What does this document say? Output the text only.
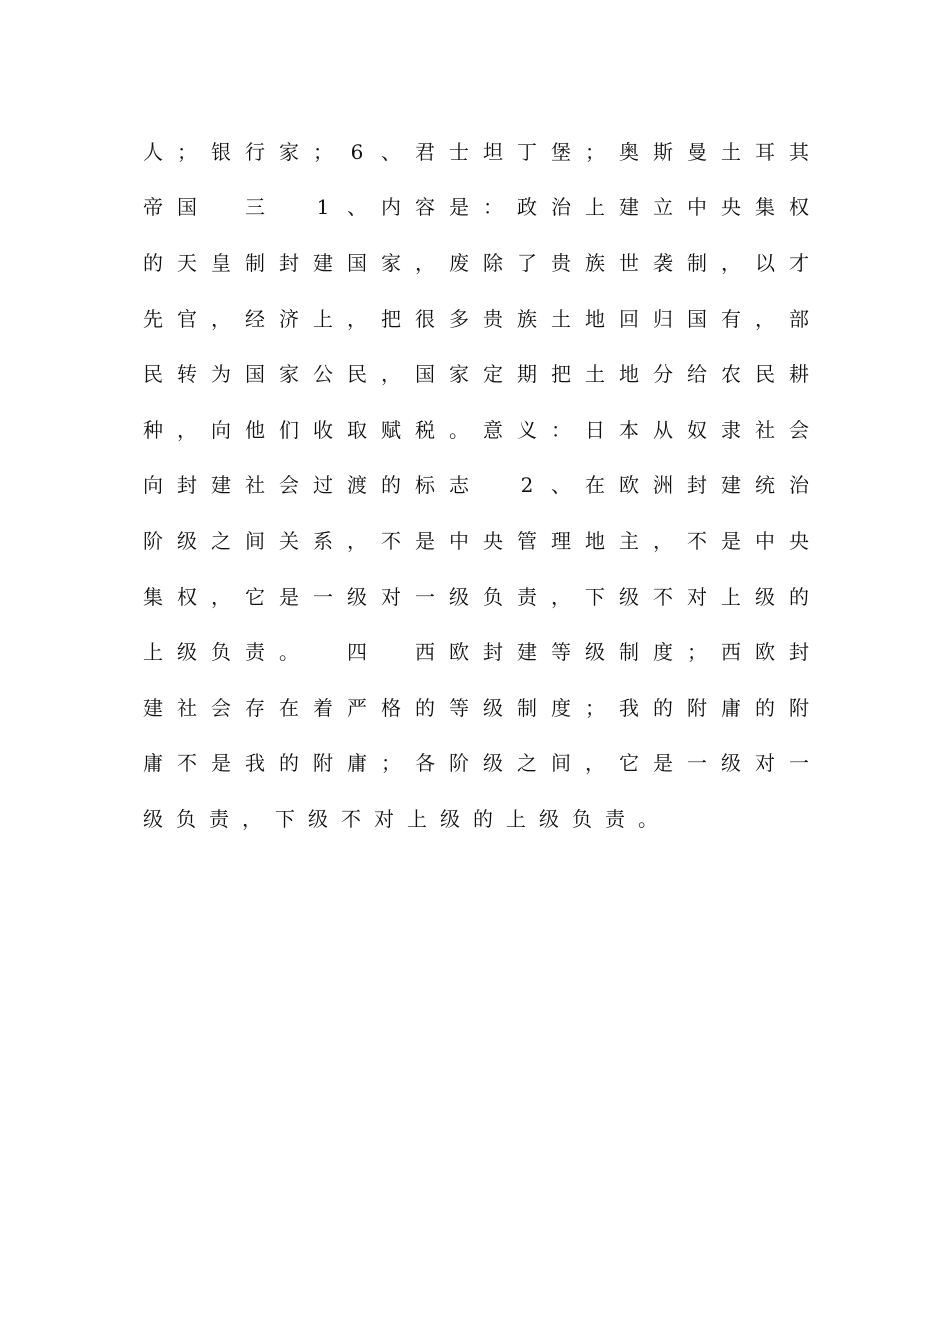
人 ； 银 行 家 ； 6 、 君 士 坦 丁 堡 ； 奥 斯 曼 土 耳 其
帝 国
　 三
　	1 、 内 容 是 ： 政 治 上 建 立 中 央 集 权
的 天 皇 制 封 建 国 家 ， 废 除 了 贵 族 世 袭 制 ， 以 才
先 官 ， 经 济 上 ， 把 很 多 贵 族 土 地 回 归 国 有 ， 部
民 转 为 国 家 公 民 ， 国 家 定 期 把 土 地 分 给 农 民 耕
种 ， 向 他 们 收 取 赋 税 。 意 义 ： 日 本 从 奴 隶 社 会
向 封 建 社 会 过 渡 的 标 志
　	2 、 在 欧 洲 封 建 统 治
阶 级 之 间 关 系 ， 不 是 中 央 管 理 地 主 ， 不 是 中 央
集 权 ， 它 是 一 级 对 一 级 负 责 ， 下 级 不 对 上 级 的
上 级 负 责 。
　 四
　 西 欧 封 建 等 级 制 度 ； 西 欧 封
建 社 会 存 在 着 严 格 的 等 级 制 度 ； 我 的 附 庸 的 附
庸 不 是 我 的 附 庸 ； 各 阶 级 之 间 ， 它 是 一 级 对 一
级 负 责 ， 下 级 不 对 上 级 的 上 级 负 责 。
